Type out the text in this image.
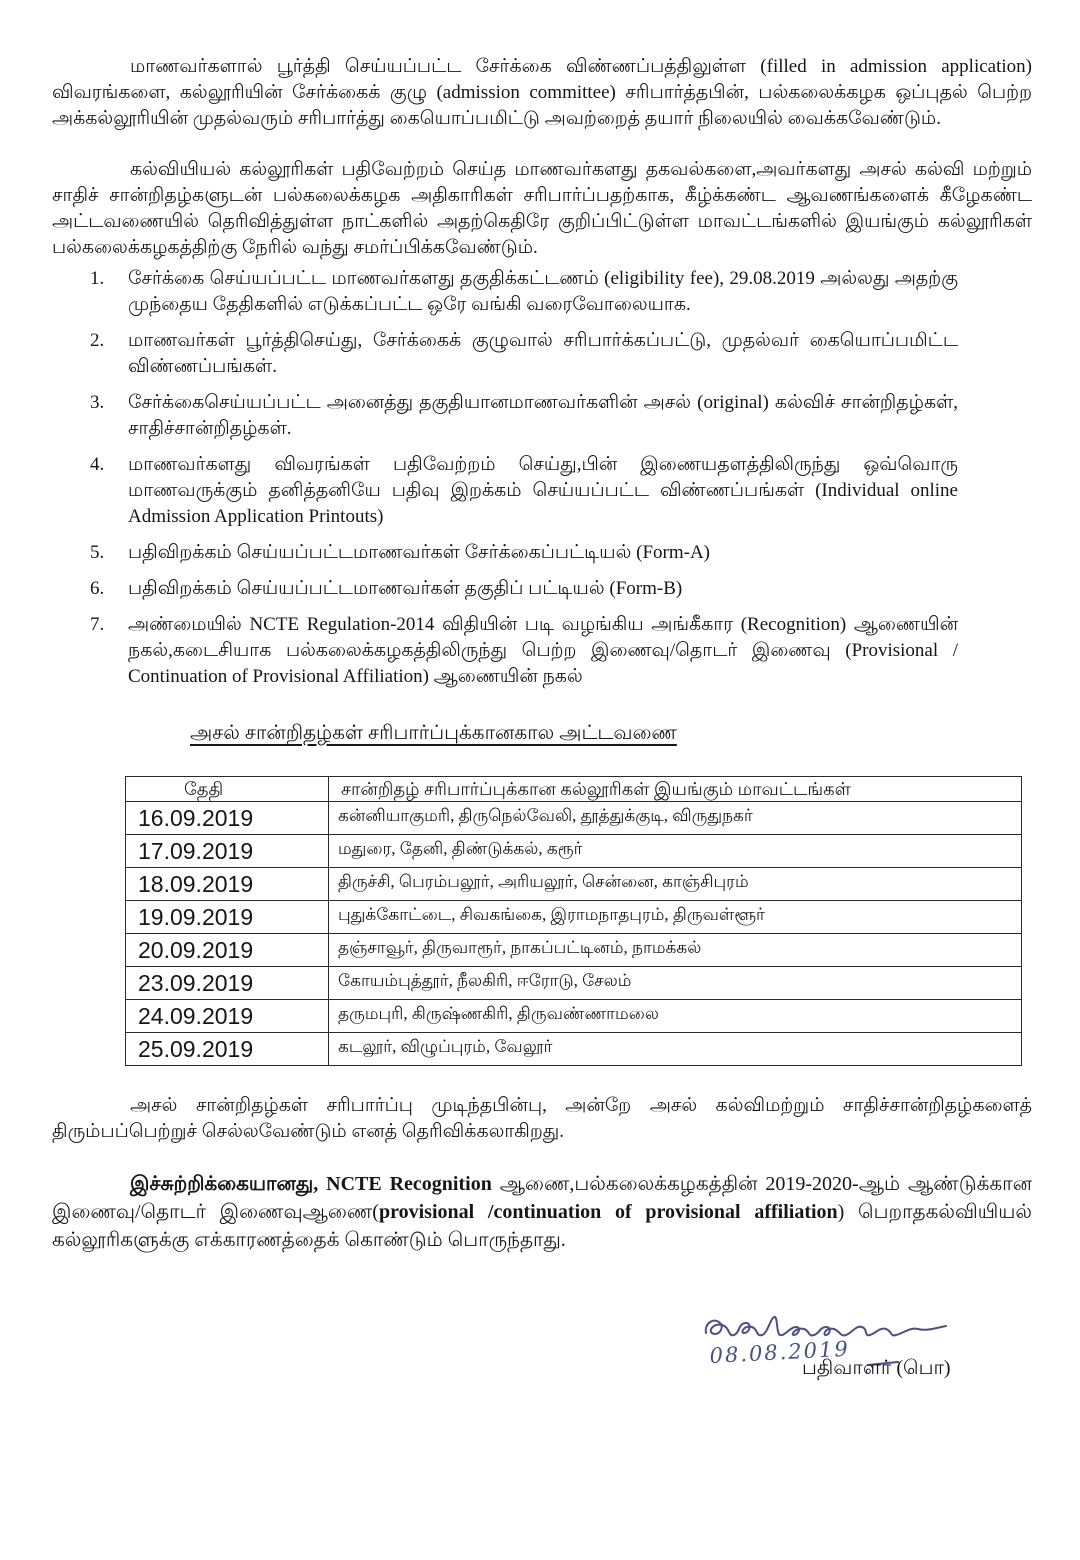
மாணவர்களால் பூர்த்தி செய்யப்பட்ட சேர்க்கை விண்ணப்பத்திலுள்ள (filled in admission application) விவரங்களை, கல்லூரியின் சேர்க்கைக் குழு (admission committee) சரிபார்த்தபின், பல்கலைக்கழக ஒப்புதல் பெற்ற அக்கல்லூரியின் முதல்வரும் சரிபார்த்து கையொப்பமிட்டு அவற்றைத் தயார் நிலையில் வைக்கவேண்டும்.

கல்வியியல் கல்லூரிகள் பதிவேற்றம் செய்த மாணவர்களது தகவல்களை,அவர்களது அசல் கல்வி மற்றும் சாதிச் சான்றிதழ்களுடன் பல்கலைக்கழக அதிகாரிகள் சரிபார்ப்பதற்காக, கீழ்க்கண்ட ஆவணங்களைக் கீழேகண்ட அட்டவணையில் தெரிவித்துள்ள நாட்களில் அதற்கெதிரே குறிப்பிட்டுள்ள மாவட்டங்களில் இயங்கும் கல்லூரிகள் பல்கலைக்கழகத்திற்கு நேரில் வந்து சமர்ப்பிக்கவேண்டும்.

1.	சேர்க்கை செய்யப்பட்ட மாணவர்களது தகுதிக்கட்டணம் (eligibility fee), 29.08.2019 அல்லது அதற்கு முந்தைய தேதிகளில் எடுக்கப்பட்ட ஒரே வங்கி வரைவோலையாக.
2.	மாணவர்கள் பூர்த்திசெய்து, சேர்க்கைக் குழுவால் சரிபார்க்கப்பட்டு, முதல்வர் கையொப்பமிட்ட விண்ணப்பங்கள்.
3.	சேர்க்கைசெய்யப்பட்ட அனைத்து தகுதியானமாணவர்களின் அசல் (original) கல்விச் சான்றிதழ்கள், சாதிச்சான்றிதழ்கள்.
4.	மாணவர்களது விவரங்கள் பதிவேற்றம் செய்து,பின் இணையதளத்திலிருந்து ஒவ்வொரு மாணவருக்கும் தனித்தனியே பதிவு இறக்கம் செய்யப்பட்ட விண்ணப்பங்கள் (Individual online Admission Application Printouts)
5.	பதிவிறக்கம் செய்யப்பட்டமாணவர்கள் சேர்க்கைப்பட்டியல் (Form-A)
6.	பதிவிறக்கம் செய்யப்பட்டமாணவர்கள் தகுதிப் பட்டியல் (Form-B)
7.	அண்மையில் NCTE Regulation-2014 விதியின் படி வழங்கிய அங்கீகார (Recognition) ஆணையின் நகல்,கடைசியாக பல்கலைக்கழகத்திலிருந்து பெற்ற இணைவு/தொடர் இணைவு (Provisional / Continuation of Provisional Affiliation) ஆணையின் நகல்
அசல் சான்றிதழ்கள் சரிபார்ப்புக்கானகால அட்டவணை
தேதி	சான்றிதழ் சரிபார்ப்புக்கான கல்லூரிகள் இயங்கும் மாவட்டங்கள்
16.09.2019	கன்னியாகுமரி, திருநெல்வேலி, தூத்துக்குடி, விருதுநகர்
17.09.2019	மதுரை, தேனி, திண்டுக்கல், கரூர்
18.09.2019	திருச்சி, பெரம்பலூர், அரியலூர், சென்னை, காஞ்சிபுரம்
19.09.2019	புதுக்கோட்டை, சிவகங்கை, இராமநாதபுரம், திருவள்ளூர்
20.09.2019	தஞ்சாவூர், திருவாரூர், நாகப்பட்டினம், நாமக்கல்
23.09.2019	கோயம்புத்தூர், நீலகிரி, ஈரோடு, சேலம்
24.09.2019	தருமபுரி, கிருஷ்ணகிரி, திருவண்ணாமலை
25.09.2019	கடலூர், விழுப்புரம், வேலூர்

அசல் சான்றிதழ்கள் சரிபார்ப்பு முடிந்தபின்பு, அன்றே அசல் கல்விமற்றும் சாதிச்சான்றிதழ்களைத் திரும்பப்பெற்றுச் செல்லவேண்டும் எனத் தெரிவிக்கலாகிறது.

இச்சுற்றிக்கையானது, NCTE Recognition ஆணை,பல்கலைக்கழகத்தின் 2019-2020-ஆம் ஆண்டுக்கான இணைவு/தொடர் இணைவுஆணை(provisional /continuation of provisional affiliation) பெறாதகல்வியியல் கல்லூரிகளுக்கு எக்காரணத்தைக் கொண்டும் பொருந்தாது.

08.08.2019
பதிவாளர் (பொ)
